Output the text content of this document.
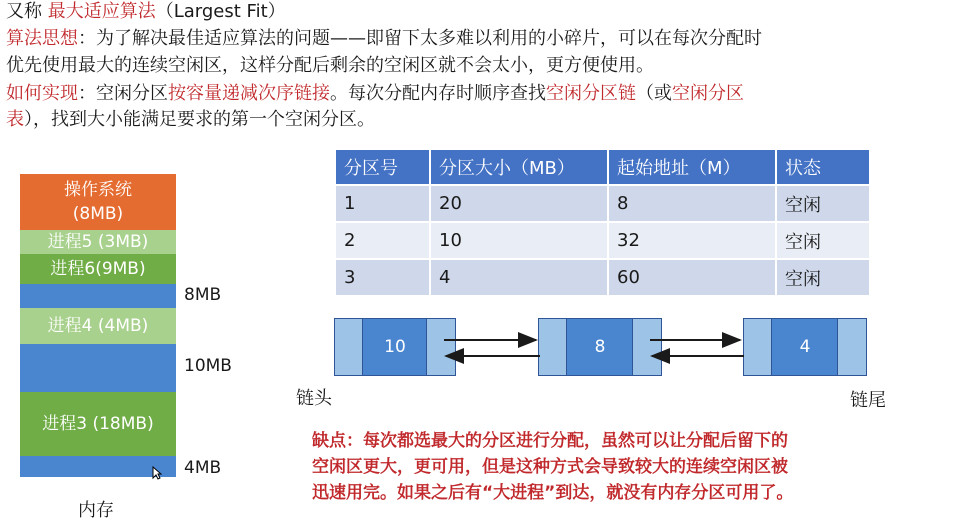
又称 最大适应算法（Largest Fit）
算法思想：为了解决最佳适应算法的问题——即留下太多难以利用的小碎片，可以在每次分配时
优先使用最大的连续空闲区，这样分配后剩余的空闲区就不会太小，更方便使用。
如何实现：空闲分区按容量递减次序链接。每次分配内存时顺序查找空闲分区链（或空闲分区
表），找到大小能满足要求的第一个空闲分区。
操作系统
(8MB)
进程5 (3MB)
进程6(9MB)
进程4 (4MB)
进程3 (18MB)
8MB
10MB
4MB
内存
分区号	分区大小（MB）	起始地址（M）	状态
1	20	8	空闲
2	10	32	空闲
3	4	60	空闲
10	8	4
链头	链尾
缺点：每次都选最大的分区进行分配，虽然可以让分配后留下的
空闲区更大，更可用，但是这种方式会导致较大的连续空闲区被
迅速用完。如果之后有“大进程”到达，就没有内存分区可用了。
